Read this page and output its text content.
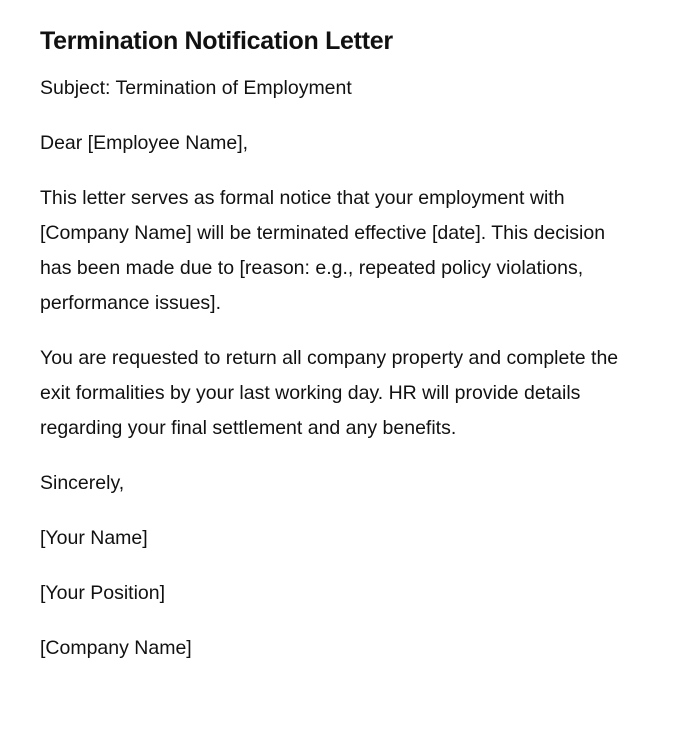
Termination Notification Letter

Subject: Termination of Employment

Dear [Employee Name],

This letter serves as formal notice that your employment with [Company Name] will be terminated effective [date]. This decision has been made due to [reason: e.g., repeated policy violations, performance issues].

You are requested to return all company property and complete the exit formalities by your last working day. HR will provide details regarding your final settlement and any benefits.

Sincerely,

[Your Name]

[Your Position]

[Company Name]
